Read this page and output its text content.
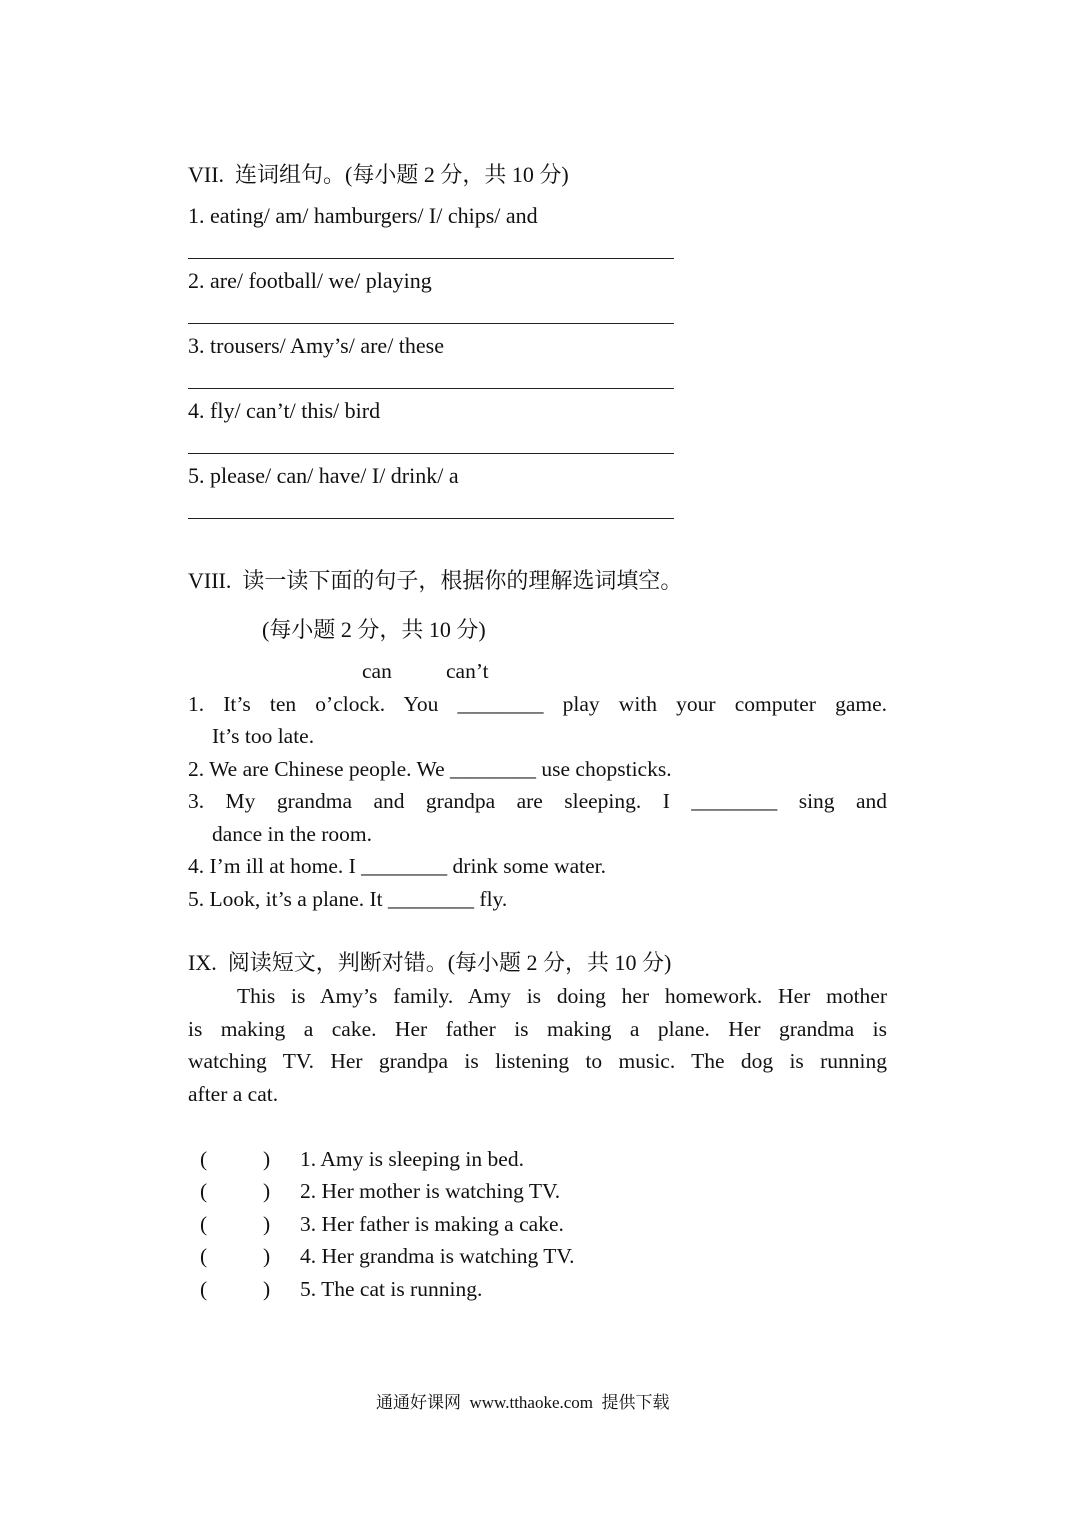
VII.  连词组句。(每小题 2 分，共 10 分)
1. eating/ am/ hamburgers/ I/ chips/ and
2. are/ football/ we/ playing
3. trousers/ Amy’s/ are/ these
4. fly/ can’t/ this/ bird
5. please/ can/ have/ I/ drink/ a
VIII.  读一读下面的句子，根据你的理解选词填空。
(每小题 2 分，共 10 分)
can	can’t
1. It’s ten o’clock. You ________ play with your computer game.
It’s too late.
2. We are Chinese people. We ________ use chopsticks.
3. My grandma and grandpa are sleeping. I ________ sing and
dance in the room.
4. I’m ill at home. I ________ drink some water.
5. Look, it’s a plane. It ________ fly.
IX.  阅读短文，判断对错。(每小题 2 分，共 10 分)
This is Amy’s family. Amy is doing her homework. Her mother
is making a cake. Her father is making a plane. Her grandma is
watching TV. Her grandpa is listening to music. The dog is running
after a cat.
(	) 1. Amy is sleeping in bed.
(	) 2. Her mother is watching TV.
(	) 3. Her father is making a cake.
(	) 4. Her grandma is watching TV.
(	) 5. The cat is running.
通通好课网  www.tthaoke.com  提供下载
